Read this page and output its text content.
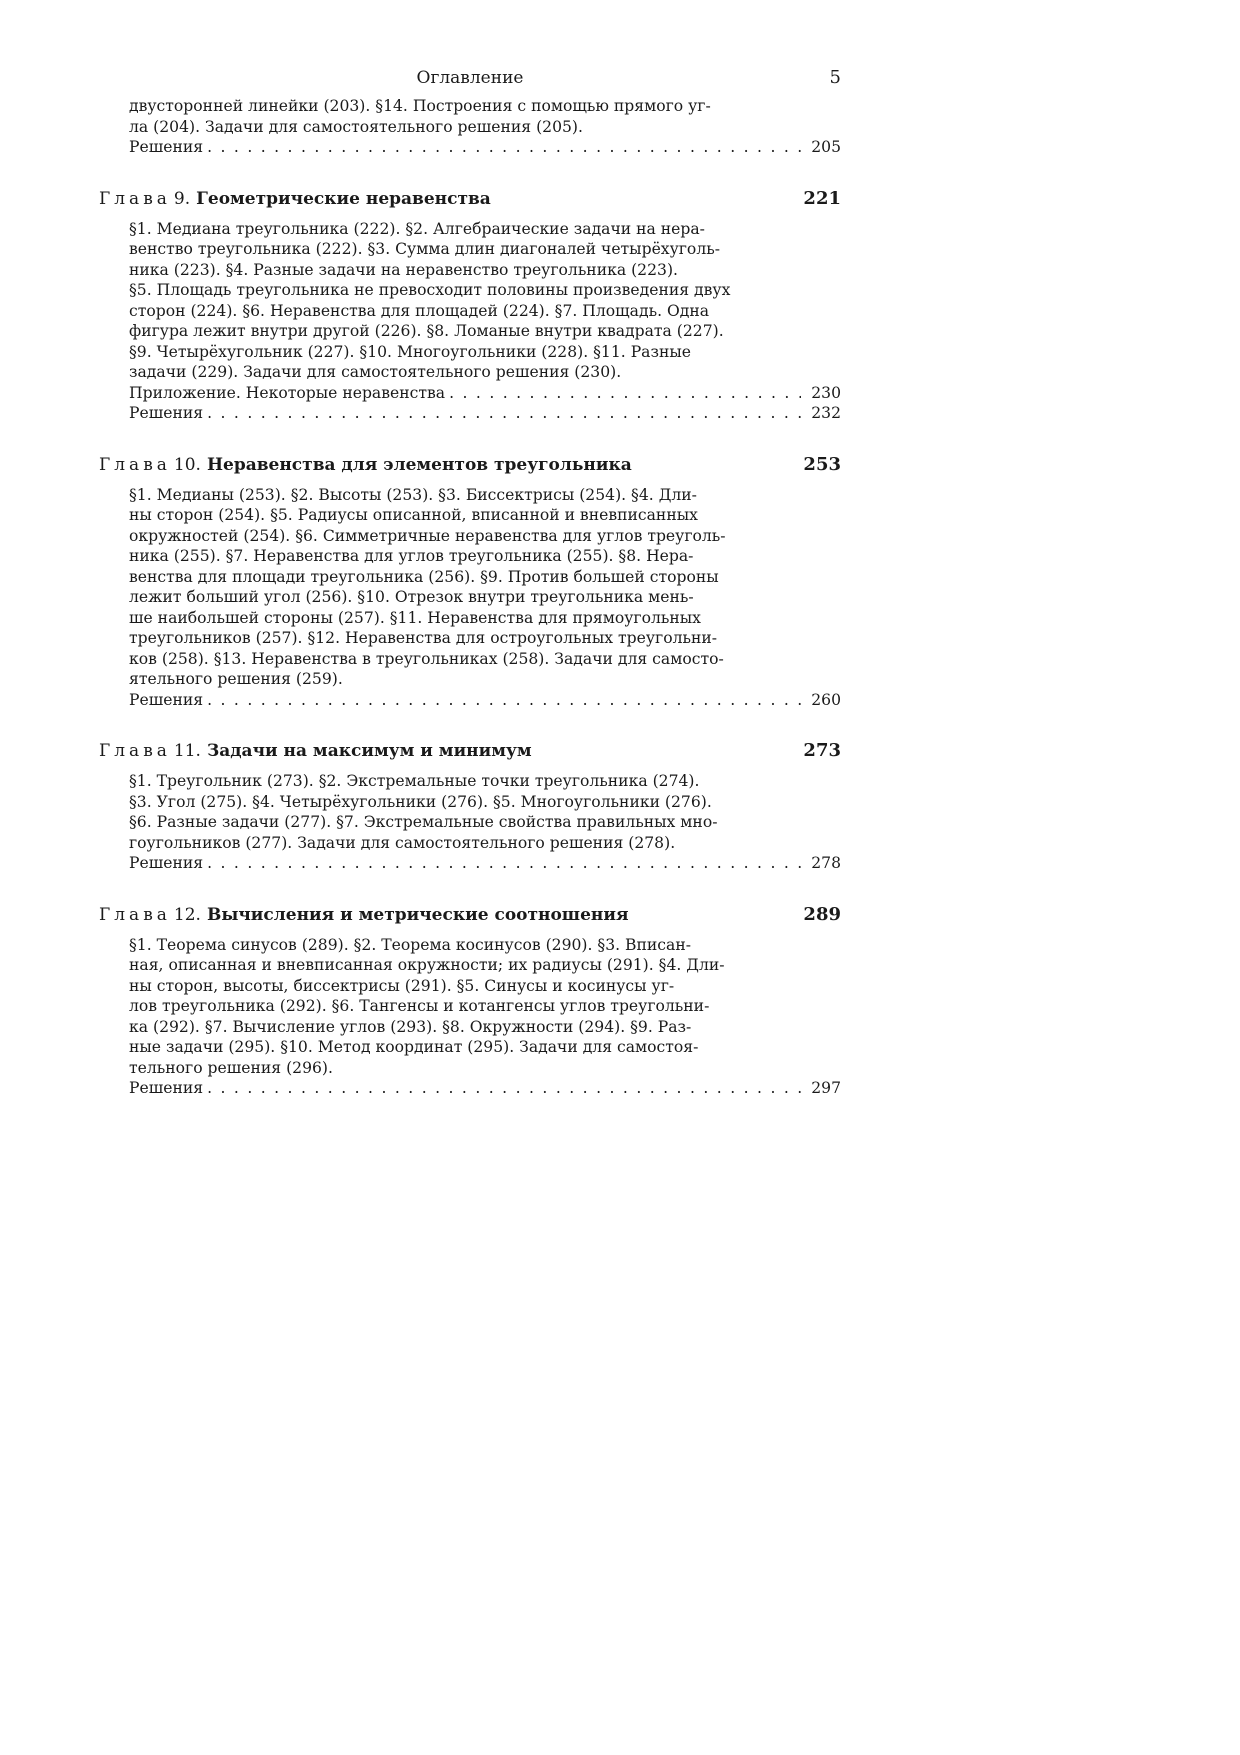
Оглавление	5
двусторонней линейки (203). §14. Построения с помощью прямого уг-
ла (204). Задачи для самостоятельного решения (205).
Решения . . .	205
Глава 9. Геометрические неравенства	221
§1. Медиана треугольника (222). §2. Алгебраические задачи на нера-
венство треугольника (222). §3. Сумма длин диагоналей четырёхуголь-
ника (223). §4. Разные задачи на неравенство треугольника (223).
§5. Площадь треугольника не превосходит половины произведения двух
сторон (224). §6. Неравенства для площадей (224). §7. Площадь. Одна
фигура лежит внутри другой (226). §8. Ломаные внутри квадрата (227).
§9. Четырёхугольник (227). §10. Многоугольники (228). §11. Разные
задачи (229). Задачи для самостоятельного решения (230).
Приложение. Некоторые неравенства . . .	230
Решения . . .	232
Глава 10. Неравенства для элементов треугольника	253
§1. Медианы (253). §2. Высоты (253). §3. Биссектрисы (254). §4. Дли-
ны сторон (254). §5. Радиусы описанной, вписанной и вневписанных
окружностей (254). §6. Симметричные неравенства для углов треуголь-
ника (255). §7. Неравенства для углов треугольника (255). §8. Нера-
венства для площади треугольника (256). §9. Против большей стороны
лежит больший угол (256). §10. Отрезок внутри треугольника мень-
ше наибольшей стороны (257). §11. Неравенства для прямоугольных
треугольников (257). §12. Неравенства для остроугольных треугольни-
ков (258). §13. Неравенства в треугольниках (258). Задачи для самосто-
ятельного решения (259).
Решения . . .	260
Глава 11. Задачи на максимум и минимум	273
§1. Треугольник (273). §2. Экстремальные точки треугольника (274).
§3. Угол (275). §4. Четырёхугольники (276). §5. Многоугольники (276).
§6. Разные задачи (277). §7. Экстремальные свойства правильных мно-
гоугольников (277). Задачи для самостоятельного решения (278).
Решения . . .	278
Глава 12. Вычисления и метрические соотношения	289
§1. Теорема синусов (289). §2. Теорема косинусов (290). §3. Вписан-
ная, описанная и вневписанная окружности; их радиусы (291). §4. Дли-
ны сторон, высоты, биссектрисы (291). §5. Синусы и косинусы уг-
лов треугольника (292). §6. Тангенсы и котангенсы углов треугольни-
ка (292). §7. Вычисление углов (293). §8. Окружности (294). §9. Раз-
ные задачи (295). §10. Метод координат (295). Задачи для самостоя-
тельного решения (296).
Решения . . .	297
